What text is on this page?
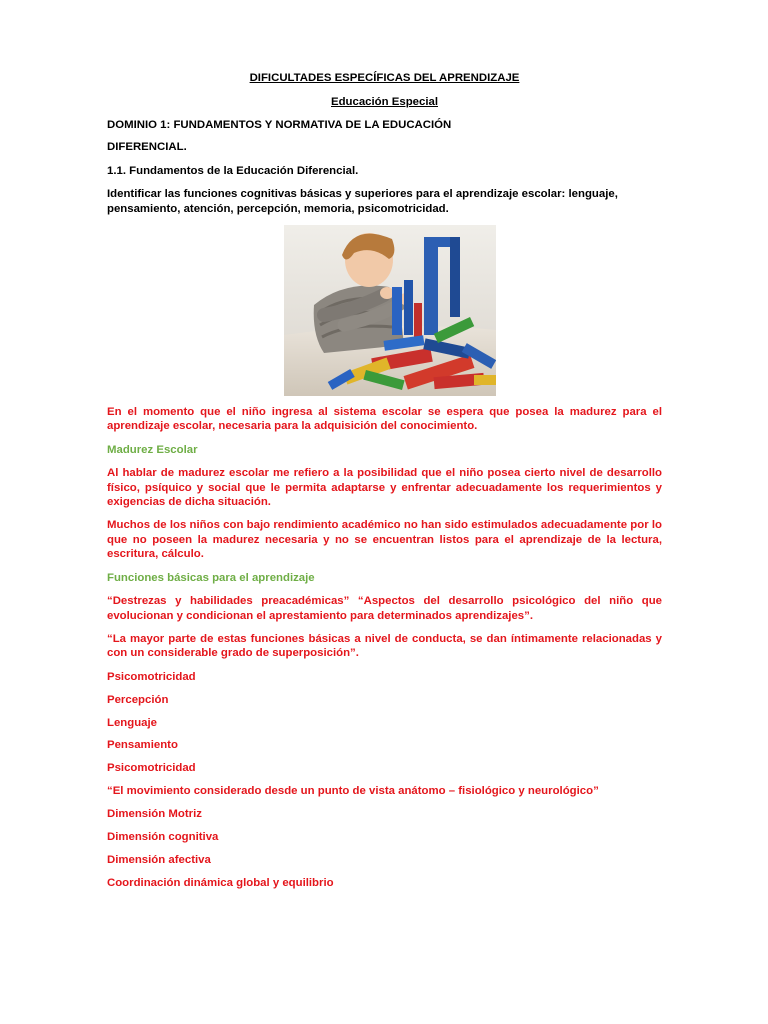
DIFICULTADES ESPECÍFICAS DEL APRENDIZAJE

Educación Especial

DOMINIO 1: FUNDAMENTOS Y NORMATIVA DE LA EDUCACIÓN

DIFERENCIAL.

1.1. Fundamentos de la Educación Diferencial.

Identificar las funciones cognitivas básicas y superiores para el aprendizaje escolar: lenguaje, pensamiento, atención, percepción, memoria, psicomotricidad.

En el momento que el niño ingresa al sistema escolar se espera que posea la madurez para el aprendizaje escolar, necesaria para la adquisición del conocimiento.

Madurez Escolar

Al hablar de madurez escolar me refiero a la posibilidad que el niño posea cierto nivel de desarrollo físico, psíquico y social que le permita adaptarse y enfrentar adecuadamente los requerimientos y exigencias de dicha situación.

Muchos de los niños con bajo rendimiento académico no han sido estimulados adecuadamente por lo que no poseen la madurez necesaria y no se encuentran listos para el aprendizaje de la lectura, escritura, cálculo.

Funciones básicas para el aprendizaje

“Destrezas y habilidades preacadémicas” “Aspectos del desarrollo psicológico del niño que evolucionan y condicionan el aprestamiento para determinados aprendizajes”.

“La mayor parte de estas funciones básicas a nivel de conducta, se dan íntimamente relacionadas y con un considerable grado de superposición”.

Psicomotricidad

Percepción

Lenguaje

Pensamiento

Psicomotricidad

“El movimiento considerado desde un punto de vista anátomo – fisiológico y neurológico”

Dimensión Motriz

Dimensión cognitiva

Dimensión afectiva

Coordinación dinámica global y equilibrio
